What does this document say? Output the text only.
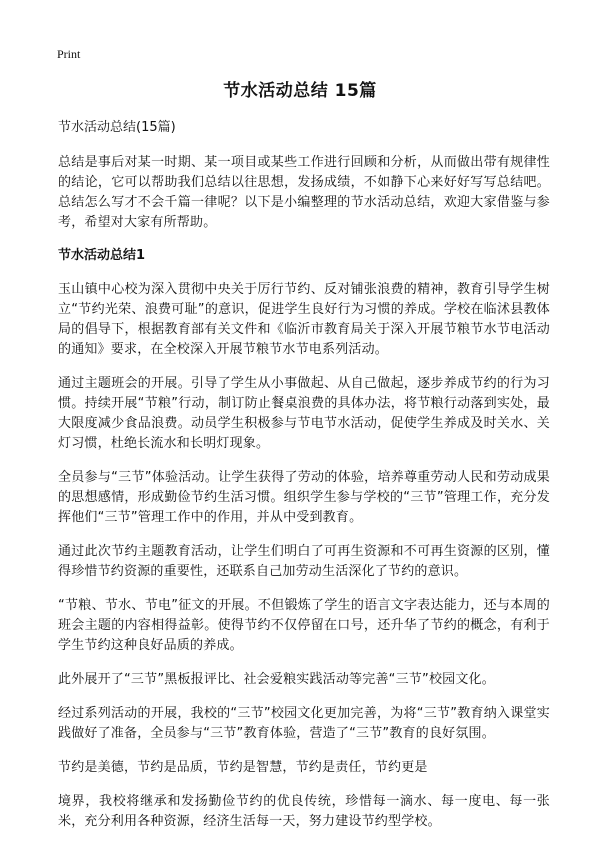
Print
节水活动总结 15篇

节水活动总结(15篇)

总结是事后对某一时期、某一项目或某些工作进行回顾和分析，从而做出带有规律性的结论，它可以帮助我们总结以往思想，发扬成绩，不如静下心来好好写写总结吧。总结怎么写才不会千篇一律呢？以下是小编整理的节水活动总结，欢迎大家借鉴与参考，希望对大家有所帮助。

节水活动总结1

玉山镇中心校为深入贯彻中央关于厉行节约、反对铺张浪费的精神，教育引导学生树立“节约光荣、浪费可耻”的意识，促进学生良好行为习惯的养成。学校在临沭县教体局的倡导下，根据教育部有关文件和《临沂市教育局关于深入开展节粮节水节电活动的通知》要求，在全校深入开展节粮节水节电系列活动。

通过主题班会的开展。引导了学生从小事做起、从自己做起，逐步养成节约的行为习惯。持续开展“节粮”行动，制订防止餐桌浪费的具体办法，将节粮行动落到实处，最大限度减少食品浪费。动员学生积极参与节电节水活动，促使学生养成及时关水、关灯习惯，杜绝长流水和长明灯现象。

全员参与“三节”体验活动。让学生获得了劳动的体验，培养尊重劳动人民和劳动成果的思想感情，形成勤俭节约生活习惯。组织学生参与学校的“三节”管理工作，充分发挥他们“三节”管理工作中的作用，并从中受到教育。

通过此次节约主题教育活动，让学生们明白了可再生资源和不可再生资源的区别，懂得珍惜节约资源的重要性，还联系自己加劳动生活深化了节约的意识。

“节粮、节水、节电”征文的开展。不但锻炼了学生的语言文字表达能力，还与本周的班会主题的内容相得益彰。使得节约不仅停留在口号，还升华了节约的概念，有利于学生节约这种良好品质的养成。

此外展开了“三节”黑板报评比、社会爱粮实践活动等完善“三节”校园文化。

经过系列活动的开展，我校的“三节”校园文化更加完善，为将“三节”教育纳入课堂实践做好了准备，全员参与“三节”教育体验，营造了“三节”教育的良好氛围。

节约是美德，节约是品质，节约是智慧，节约是责任，节约更是

境界，我校将继承和发扬勤俭节约的优良传统，珍惜每一滴水、每一度电、每一张米，充分利用各种资源，经济生活每一天，努力建设节约型学校。
